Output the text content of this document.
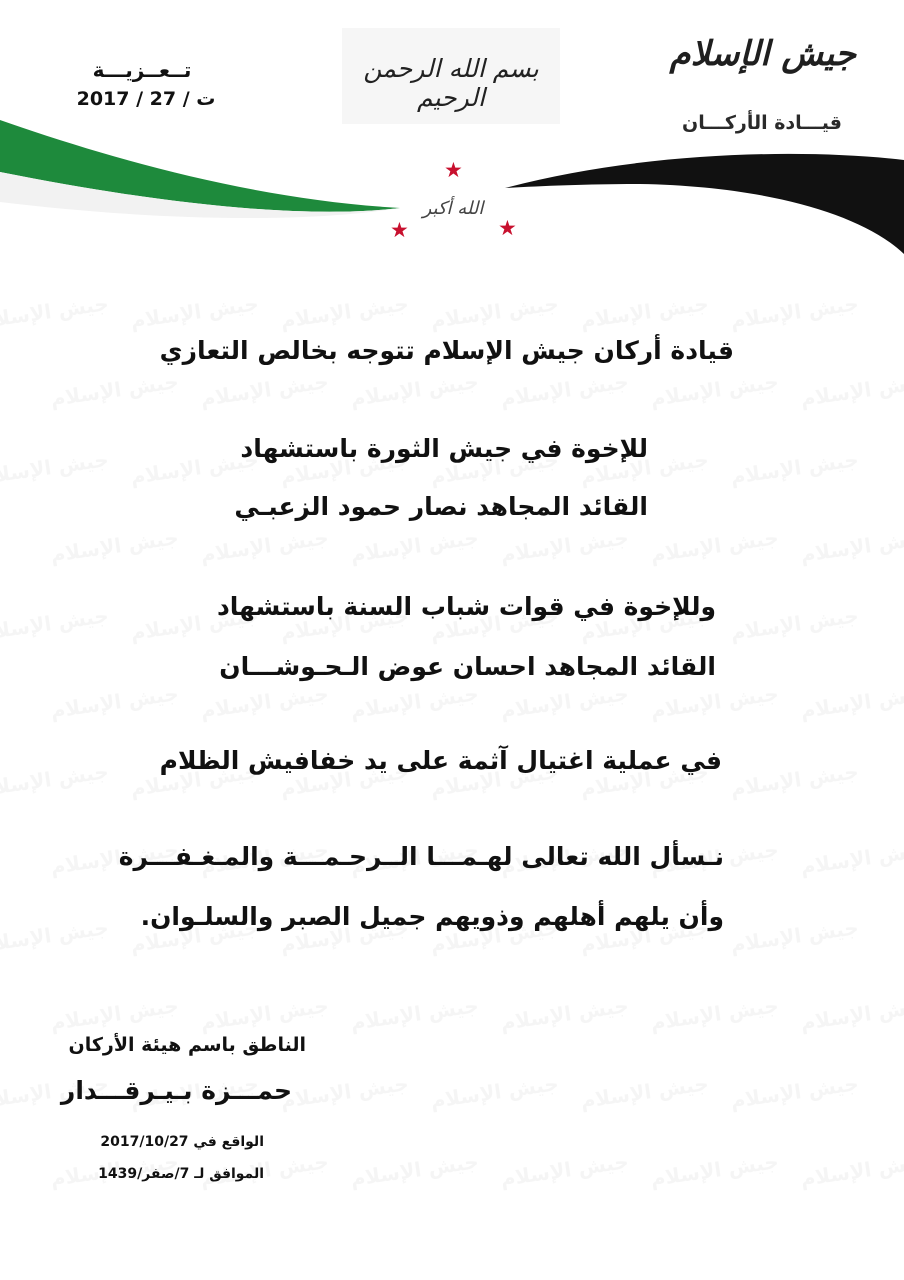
جيش الإسلام
قيـــادة الأركـــان
تــعــزيـــة
ت / 27 / 2017
بسم الله الرحمن الرحيم
الله أكبر
★
★	★
قيادة أركان جيش الإسلام تتوجه بخالص التعازي
للإخوة في جيش الثورة باستشهاد
القائد المجاهد نصار حمود الزعبـي
وللإخوة في قوات شباب السنة باستشهاد
القائد المجاهد احسان عوض الـحـوشـــان
في عملية اغتيال آثمة على يد خفافيش الظلام
نـسأل الله تعالى لهـمـــا الــرحـمـــة والمـغـفـــرة
وأن يلهم أهلهم وذويهم جميل الصبر والسلـوان.
الناطق باسم هيئة الأركان
حمـــزة بـيـرقـــدار
الواقع في 2017/10/27
الموافق لـ 7/صفر/1439
